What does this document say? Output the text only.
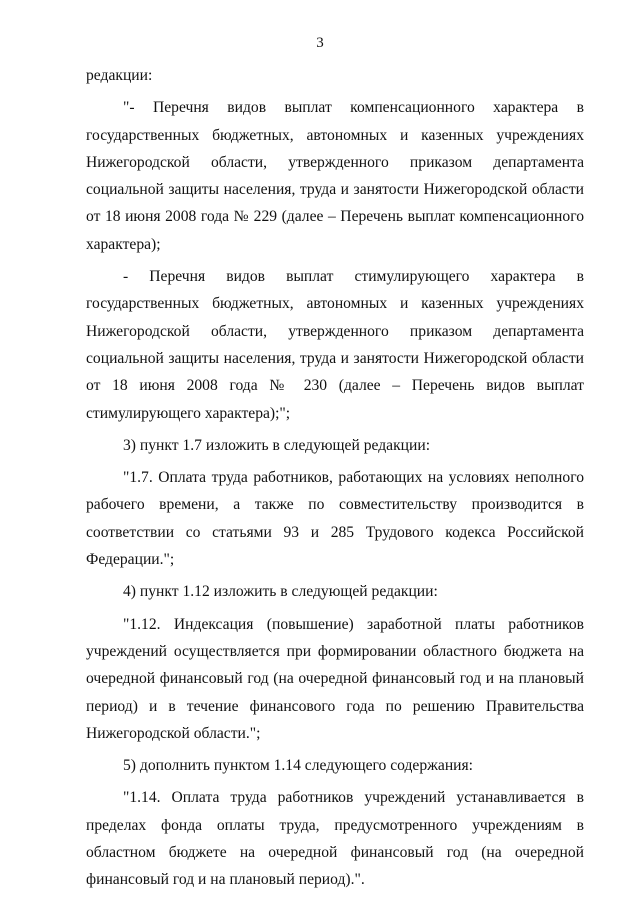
3
редакции:
"- Перечня видов выплат компенсационного характера в
государственных бюджетных, автономных и казенных учреждениях
Нижегородской области, утвержденного приказом департамента
социальной защиты населения, труда и занятости Нижегородской области
от 18 июня 2008 года № 229 (далее – Перечень выплат компенсационного
характера);
- Перечня видов выплат стимулирующего характера в
государственных бюджетных, автономных и казенных учреждениях
Нижегородской области, утвержденного приказом департамента
социальной защиты населения, труда и занятости Нижегородской области
от 18 июня 2008 года № 230 (далее – Перечень видов выплат
стимулирующего характера);";
3) пункт 1.7 изложить в следующей редакции:
"1.7. Оплата труда работников, работающих на условиях неполного
рабочего времени, а также по совместительству производится в
соответствии со статьями 93 и 285 Трудового кодекса Российской
Федерации.";
4) пункт 1.12 изложить в следующей редакции:
"1.12. Индексация (повышение) заработной платы работников
учреждений осуществляется при формировании областного бюджета на
очередной финансовый год (на очередной финансовый год и на плановый
период) и в течение финансового года по решению Правительства
Нижегородской области.";
5) дополнить пунктом 1.14 следующего содержания:
"1.14. Оплата труда работников учреждений устанавливается в
пределах фонда оплаты труда, предусмотренного учреждениям в
областном бюджете на очередной финансовый год (на очередной
финансовый год и на плановый период).".
